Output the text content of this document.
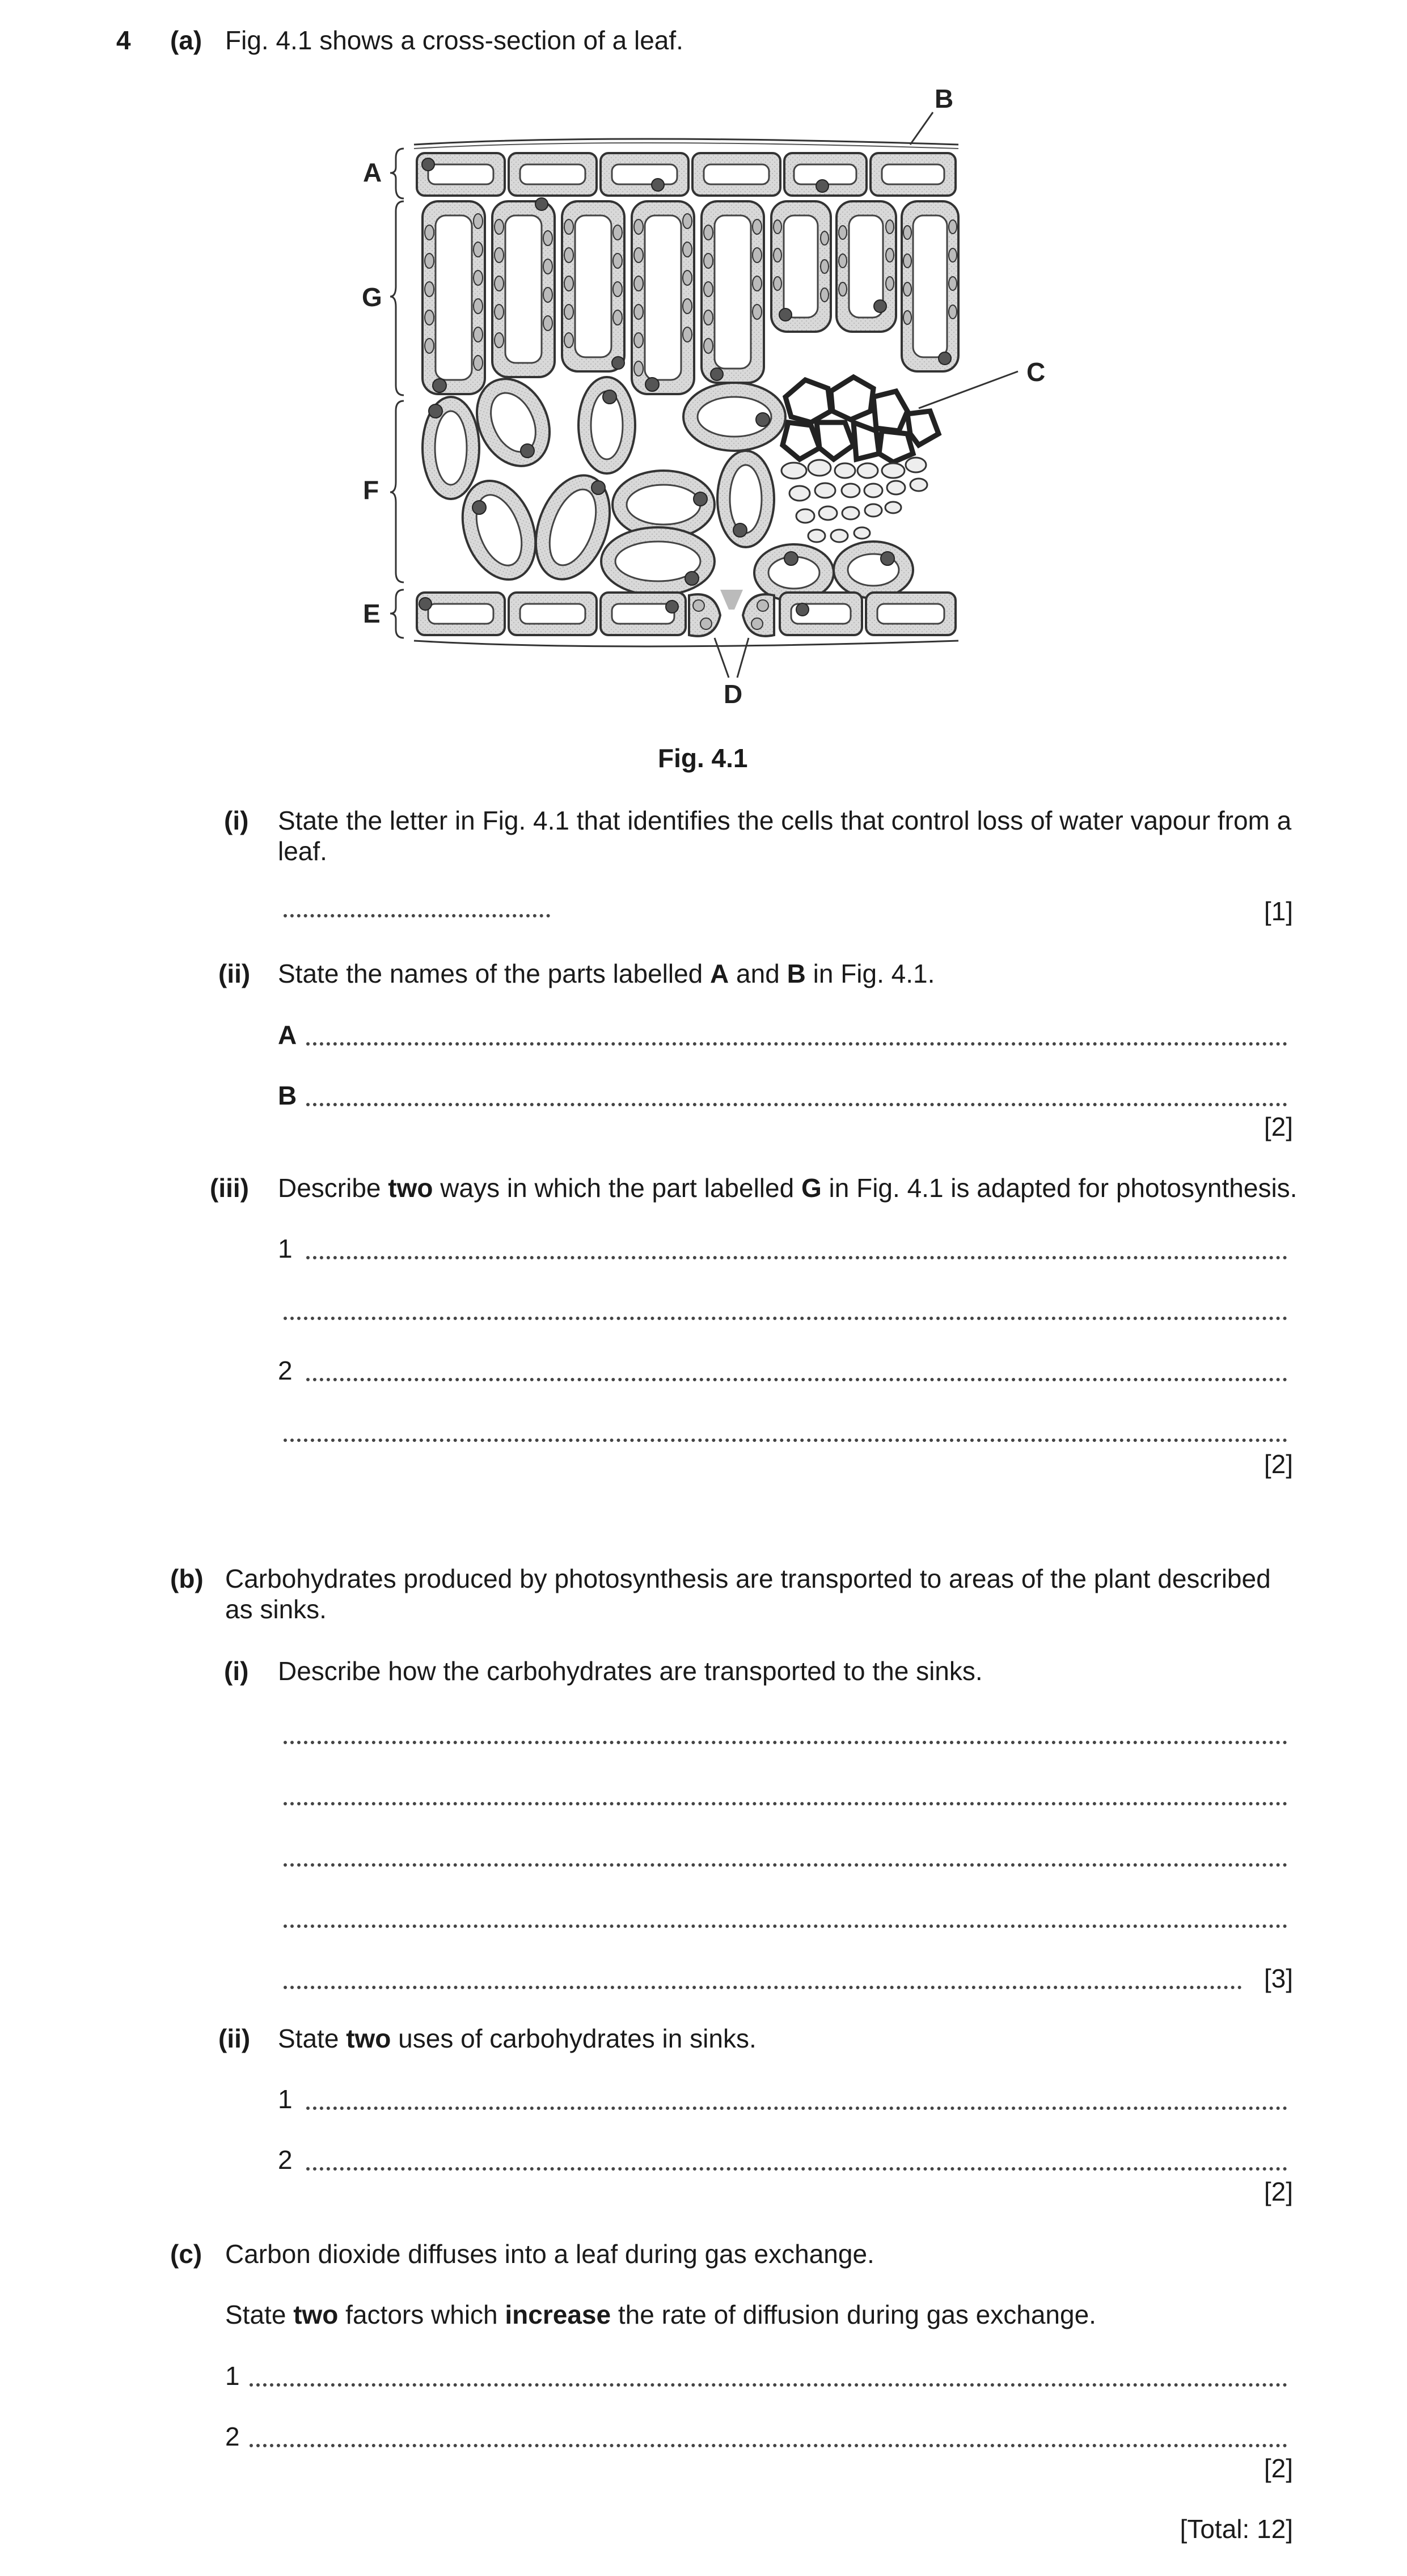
4 (a) Fig. 4.1 shows a cross-section of a leaf.
A
G
F
E
B
C
D
Fig. 4.1
(i) State the letter in Fig. 4.1 that identifies the cells that control loss of water vapour from a
leaf.
[1]
(ii) State the names of the parts labelled A and B in Fig. 4.1.
A
B
[2]
(iii) Describe two ways in which the part labelled G in Fig. 4.1 is adapted for photosynthesis.
1
2
[2]
(b) Carbohydrates produced by photosynthesis are transported to areas of the plant described
as sinks.
(i) Describe how the carbohydrates are transported to the sinks.
[3]
(ii) State two uses of carbohydrates in sinks.
1
2
[2]
(c) Carbon dioxide diffuses into a leaf during gas exchange.
State two factors which increase the rate of diffusion during gas exchange.
1
2
[2]
[Total: 12]
